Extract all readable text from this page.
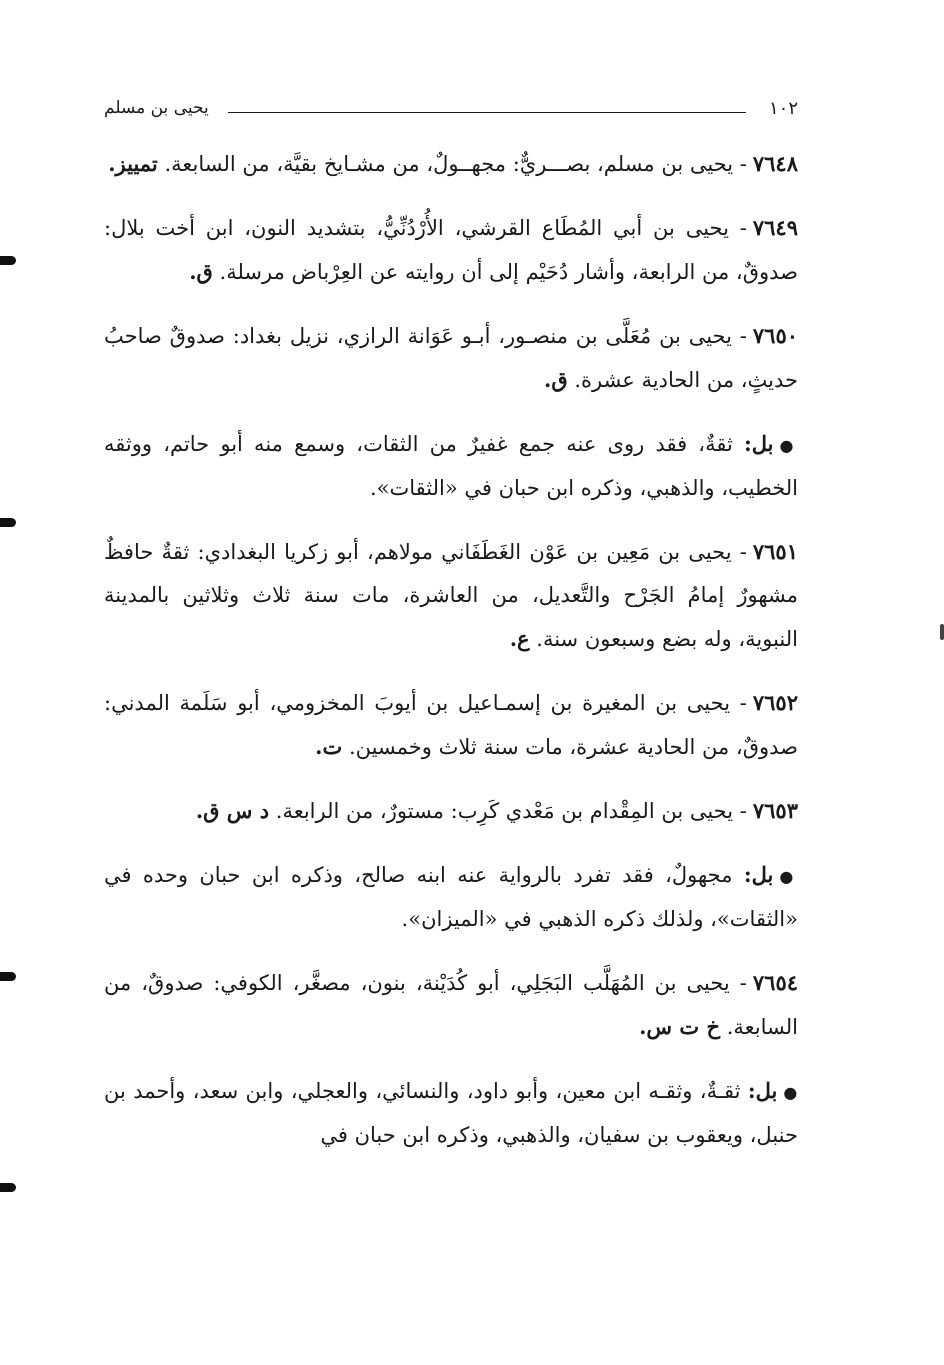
١٠٢
يحيى بن مسلم

٧٦٤٨- يحيى بن مسلم، بصـــريٌّ: مجهــولٌ، من مشـايخ بقيَّة، من السابعة. تمييز.

٧٦٤٩- يحيى بن أبي المُطَاع القرشي، الأُرْدُنِّيُّ، بتشديد النون، ابن أخت بلال: صدوقٌ، من الرابعة، وأشار دُحَيْم إلى أن روايته عن العِرْباض مرسلة. ق.

٧٦٥٠- يحيى بن مُعَلَّى بن منصـور، أبـو عَوَانة الرازي، نزيل بغداد: صدوقٌ صاحبُ حديثٍ، من الحادية عشرة. ق.

●بل: ثقةٌ، فقد روى عنه جمع غفيرٌ من الثقات، وسمع منه أبو حاتم، ووثقه الخطيب، والذهبي، وذكره ابن حبان في «الثقات».

٧٦٥١- يحيى بن مَعِين بن عَوْن الغَطَفَاني مولاهم، أبو زكريا البغدادي: ثقةٌ حافظٌ مشهورٌ إمامُ الجَرْح والتَّعديل، من العاشرة، مات سنة ثلاث وثلاثين بالمدينة النبوية، وله بضع وسبعون سنة. ع.

٧٦٥٢- يحيى بن المغيرة بن إسمـاعيل بن أيوبَ المخزومي، أبو سَلَمة المدني: صدوقٌ، من الحادية عشرة، مات سنة ثلاث وخمسين. ت.

٧٦٥٣- يحيى بن المِقْدام بن مَعْدي كَرِب: مستورٌ، من الرابعة. د س ق.

●بل: مجهولٌ، فقد تفرد بالرواية عنه ابنه صالح، وذكره ابن حبان وحده في «الثقات»، ولذلك ذكره الذهبي في «الميزان».

٧٦٥٤- يحيى بن المُهَلَّب البَجَلِي، أبو كُدَيْنة، بنون، مصغَّر، الكوفي: صدوقٌ، من السابعة. خ ت س.

●بل: ثقـةٌ، وثقـه ابن معين، وأبو داود، والنسائي، والعجلي، وابن سعد، وأحمد بن حنبل، ويعقوب بن سفيان، والذهبي، وذكره ابن حبان في
